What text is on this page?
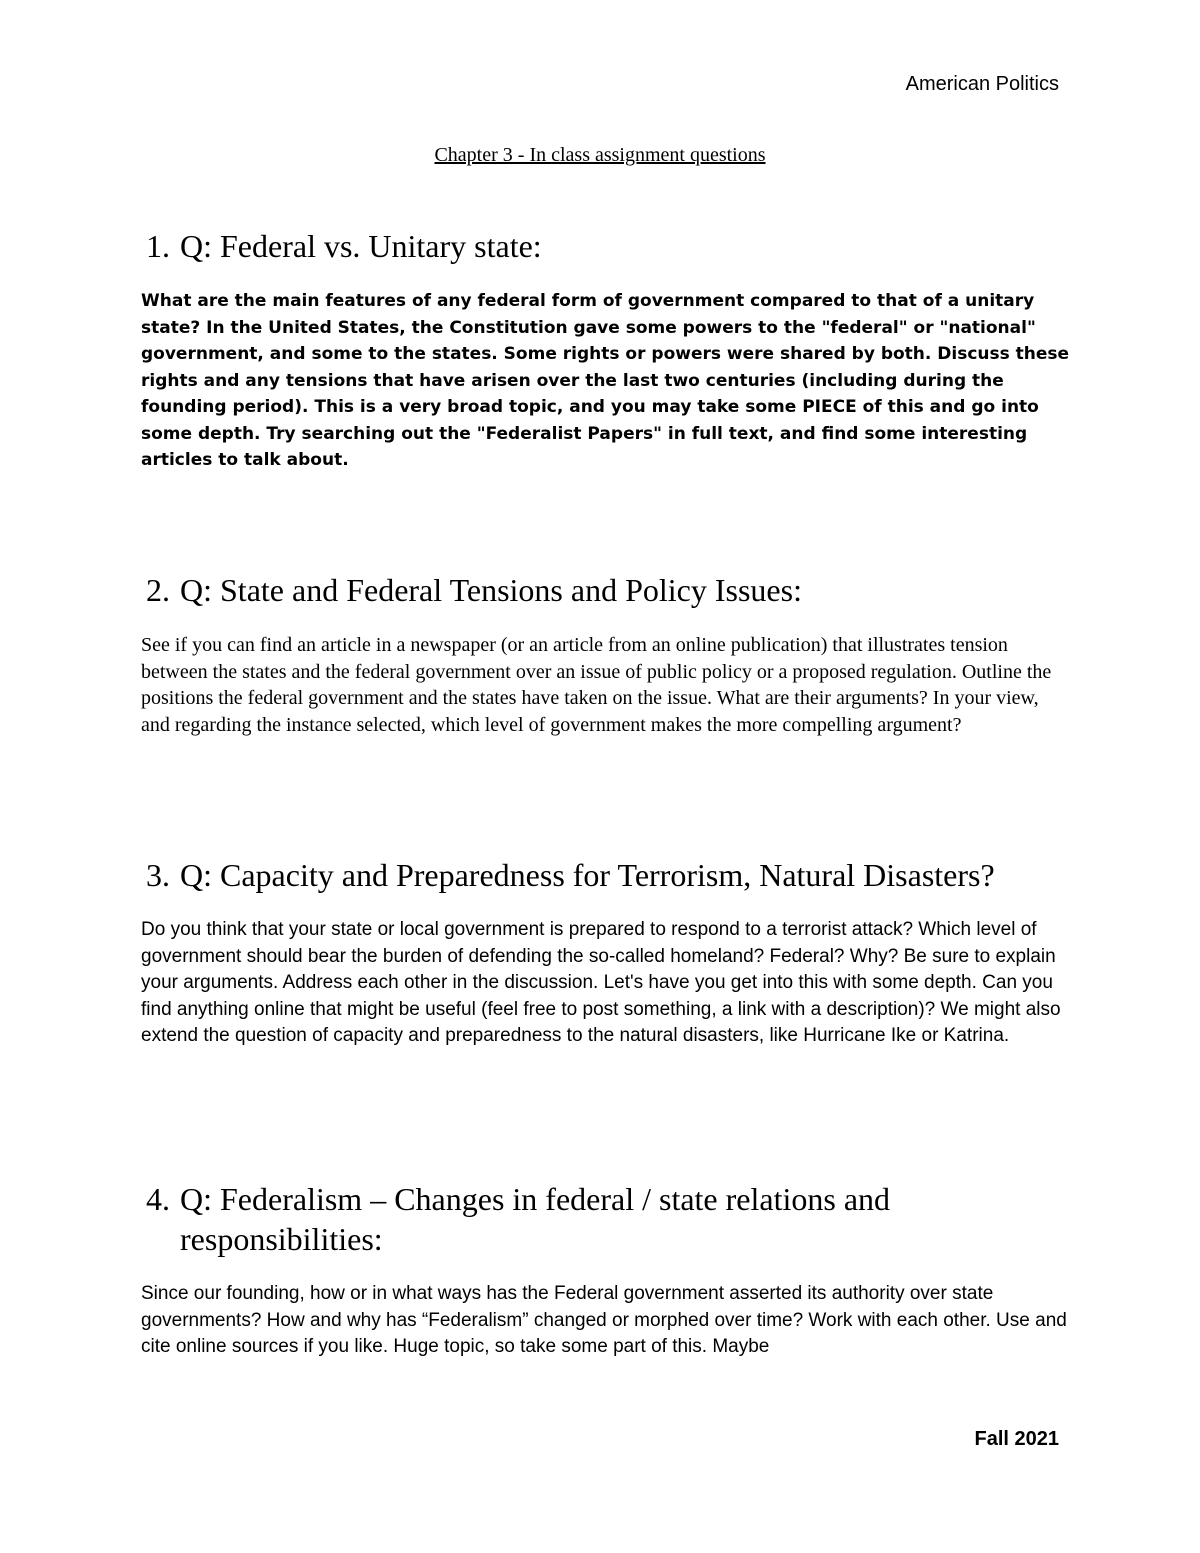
American Politics
Chapter 3 - In class assignment questions
1. Q: Federal vs. Unitary state:

What are the main features of any federal form of government compared to that of a unitary state? In the United States, the Constitution gave some powers to the "federal" or "national" government, and some to the states. Some rights or powers were shared by both. Discuss these rights and any tensions that have arisen over the last two centuries (including during the founding period). This is a very broad topic, and you may take some PIECE of this and go into some depth. Try searching out the "Federalist Papers" in full text, and find some interesting articles to talk about.

2. Q: State and Federal Tensions and Policy Issues:

See if you can find an article in a newspaper (or an article from an online publication) that illustrates tension between the states and the federal government over an issue of public policy or a proposed regulation. Outline the positions the federal government and the states have taken on the issue. What are their arguments? In your view, and regarding the instance selected, which level of government makes the more compelling argument?

3. Q: Capacity and Preparedness for Terrorism, Natural Disasters?

Do you think that your state or local government is prepared to respond to a terrorist attack? Which level of government should bear the burden of defending the so-called homeland? Federal? Why? Be sure to explain your arguments. Address each other in the discussion. Let's have you get into this with some depth. Can you find anything online that might be useful (feel free to post something, a link with a description)? We might also extend the question of capacity and preparedness to the natural disasters, like Hurricane Ike or Katrina.

4. Q: Federalism – Changes in federal / state relations and responsibilities:

Since our founding, how or in what ways has the Federal government asserted its authority over state governments? How and why has “Federalism” changed or morphed over time? Work with each other. Use and cite online sources if you like. Huge topic, so take some part of this. Maybe

Fall 2021
